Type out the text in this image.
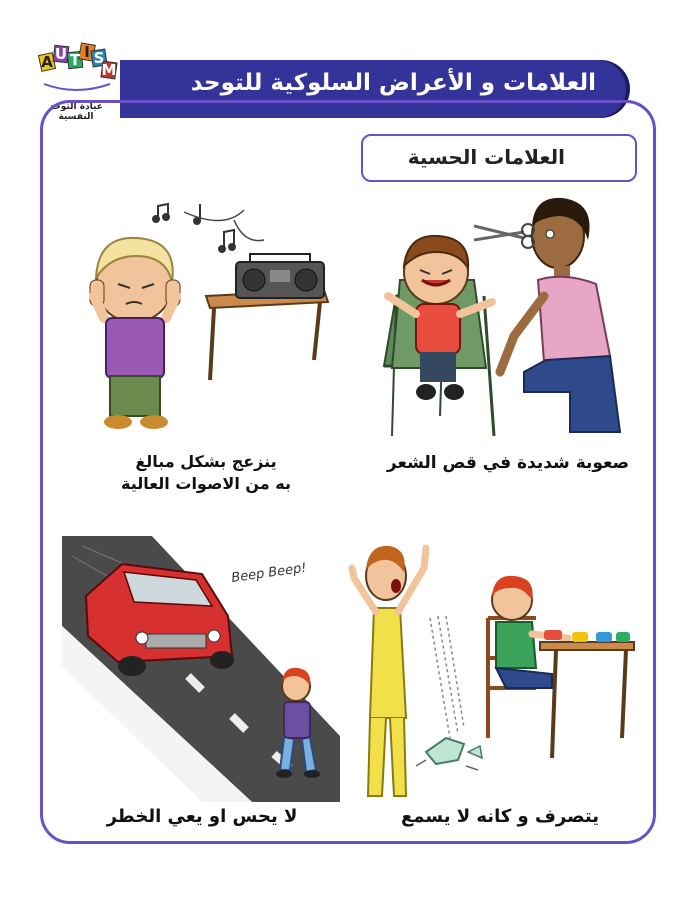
A U T I S
M
عيادة التوحد النفسية
العلامات و الأعراض السلوكية للتوحد
العلامات الحسية
صعوبة شديدة في قص الشعر
ينزعج بشكل مبالغ
به من الاصوات العالية
يتصرف و كانه لا يسمع
Beep Beep!
لا يحس او يعي الخطر
